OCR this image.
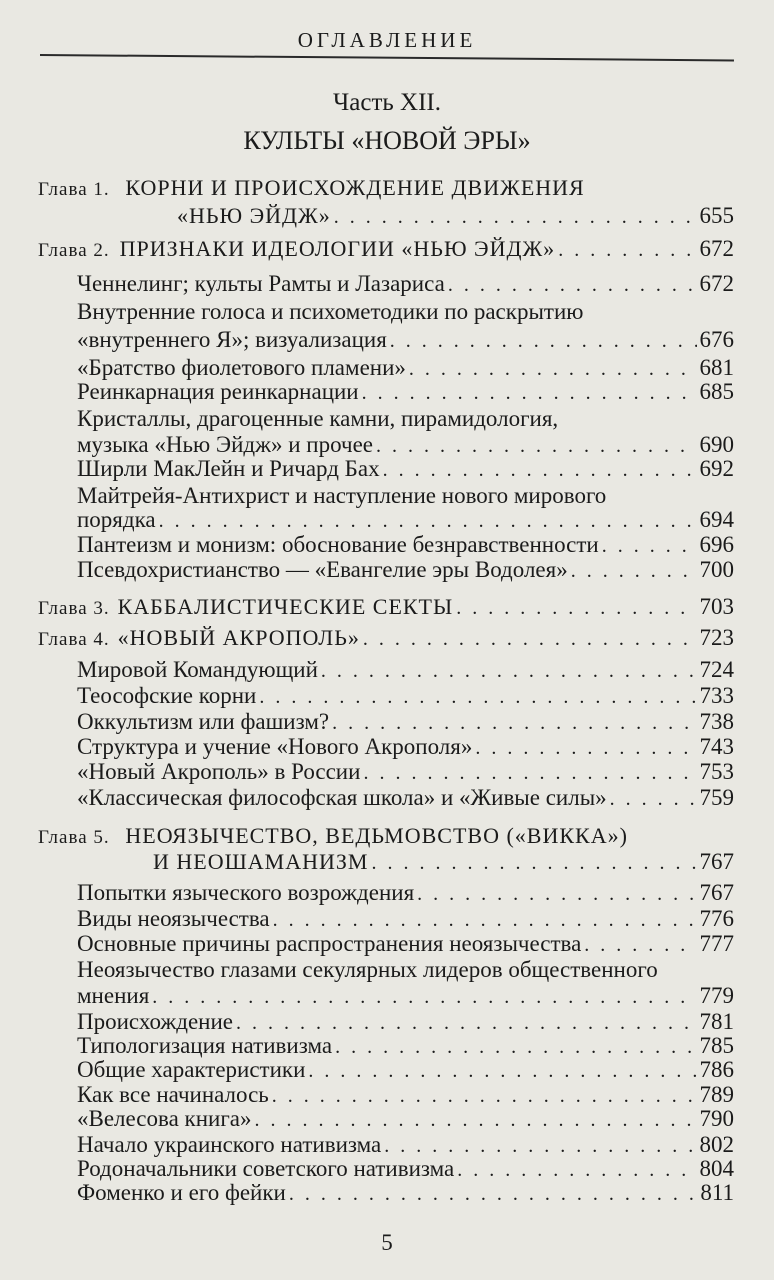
ОГЛАВЛЕНИЕ
Часть XII.
КУЛЬТЫ «НОВОЙ ЭРЫ»
Глава 1. КОРНИ И ПРОИСХОЖДЕНИЕ ДВИЖЕНИЯ
«НЬЮ ЭЙДЖ» . . .	655
Глава 2. ПРИЗНАКИ ИДЕОЛОГИИ «НЬЮ ЭЙДЖ» . . .	672
Ченнелинг; культы Рамты и Лазариса . . .	672
Внутренние голоса и психометодики по раскрытию
«внутреннего Я»; визуализация . . .	676
«Братство фиолетового пламени» . . .	681
Реинкарнация реинкарнации . . .	685
Кристаллы, драгоценные камни, пирамидология,
музыка «Нью Эйдж» и прочее . . .	690
Ширли МакЛейн и Ричард Бах . . .	692
Майтрейя-Антихрист и наступление нового мирового
порядка . . .	694
Пантеизм и монизм: обоснование безнравственности . . .	696
Псевдохристианство — «Евангелие эры Водолея» . . .	700
Глава 3. КАББАЛИСТИЧЕСКИЕ СЕКТЫ . . .	703
Глава 4. «НОВЫЙ АКРОПОЛЬ» . . .	723
Мировой Командующий . . .	724
Теософские корни . . .	733
Оккультизм или фашизм? . . .	738
Структура и учение «Нового Акрополя» . . .	743
«Новый Акрополь» в России . . .	753
«Классическая философская школа» и «Живые силы» . . .	759
Глава 5. НЕОЯЗЫЧЕСТВО, ВЕДЬМОВСТВО («ВИККА»)
И НЕОШАМАНИЗМ . . .	767
Попытки языческого возрождения . . .	767
Виды неоязычества . . .	776
Основные причины распространения неоязычества . . .	777
Неоязычество глазами секулярных лидеров общественного
мнения . . .	779
Происхождение . . .	781
Типологизация нативизма . . .	785
Общие характеристики . . .	786
Как все начиналось . . .	789
«Велесова книга» . . .	790
Начало украинского нативизма . . .	802
Родоначальники советского нативизма . . .	804
Фоменко и его фейки . . .	811
5
